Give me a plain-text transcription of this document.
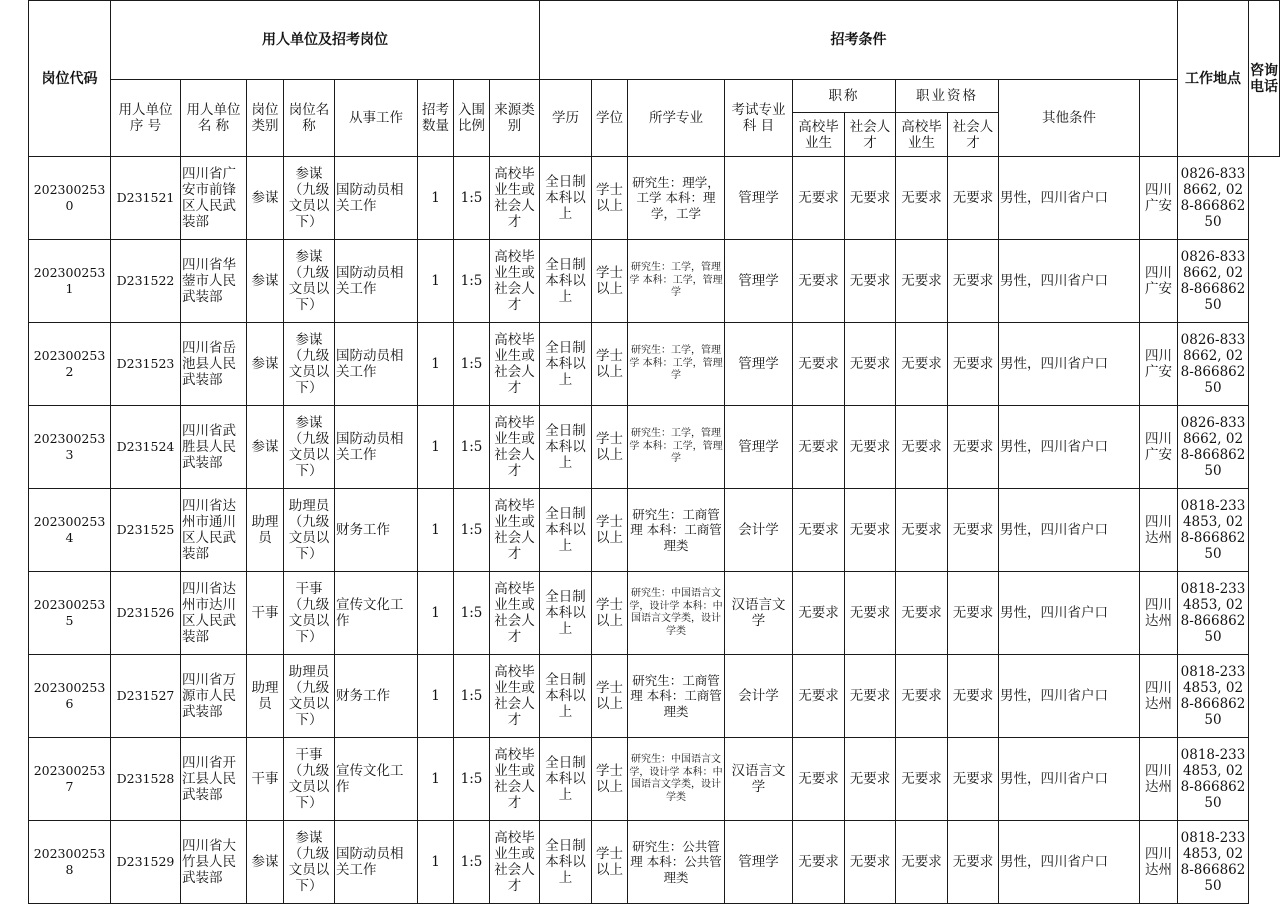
岗位代码	用人单位及招考岗位								招考条件										工作地点	咨询电话
	用人单位序 号	用人单位名 称	岗位类别	岗位名称	从事工作	招考数量	入围比例	来源类别	学历	学位	所学专业	考试专业科 目	职称		职业资格		其他条件			
													高校毕业生	社会人才	高校毕业生	社会人才				
2023002530	D231521	四川省广安市前锋区人民武装部	参谋	参谋（九级文员以下）	国防动员相关工作	1	1:5	高校毕业生或社会人才	全日制本科以上	学士以上	研究生：理学，工学 本科：理学，工学	管理学	无要求	无要求	无要求	无要求	男性，四川省户口	四川广安	0826-8338662, 028-86686250	
2023002531	D231522	四川省华蓥市人民武装部	参谋	参谋（九级文员以下）	国防动员相关工作	1	1:5	高校毕业生或社会人才	全日制本科以上	学士以上	研究生：工学，管理学 本科：工学，管理学	管理学	无要求	无要求	无要求	无要求	男性，四川省户口	四川广安	0826-8338662, 028-86686250	
2023002532	D231523	四川省岳池县人民武装部	参谋	参谋（九级文员以下）	国防动员相关工作	1	1:5	高校毕业生或社会人才	全日制本科以上	学士以上	研究生：工学，管理学 本科：工学，管理学	管理学	无要求	无要求	无要求	无要求	男性，四川省户口	四川广安	0826-8338662, 028-86686250	
2023002533	D231524	四川省武胜县人民武装部	参谋	参谋（九级文员以下）	国防动员相关工作	1	1:5	高校毕业生或社会人才	全日制本科以上	学士以上	研究生：工学，管理学 本科：工学，管理学	管理学	无要求	无要求	无要求	无要求	男性，四川省户口	四川广安	0826-8338662, 028-86686250	
2023002534	D231525	四川省达州市通川区人民武装部	助理员	助理员（九级文员以下）	财务工作	1	1:5	高校毕业生或社会人才	全日制本科以上	学士以上	研究生：工商管理 本科：工商管理类	会计学	无要求	无要求	无要求	无要求	男性，四川省户口	四川达州	0818-2334853, 028-86686250	
2023002535	D231526	四川省达州市达川区人民武装部	干事	干事（九级文员以下）	宣传文化工作	1	1:5	高校毕业生或社会人才	全日制本科以上	学士以上	研究生：中国语言文学，设计学 本科：中国语言文学类，设计学类	汉语言文学	无要求	无要求	无要求	无要求	男性，四川省户口	四川达州	0818-2334853, 028-86686250	
2023002536	D231527	四川省万源市人民武装部	助理员	助理员（九级文员以下）	财务工作	1	1:5	高校毕业生或社会人才	全日制本科以上	学士以上	研究生：工商管理 本科：工商管理类	会计学	无要求	无要求	无要求	无要求	男性，四川省户口	四川达州	0818-2334853, 028-86686250	
2023002537	D231528	四川省开江县人民武装部	干事	干事（九级文员以下）	宣传文化工作	1	1:5	高校毕业生或社会人才	全日制本科以上	学士以上	研究生：中国语言文学，设计学 本科：中国语言文学类，设计学类	汉语言文学	无要求	无要求	无要求	无要求	男性，四川省户口	四川达州	0818-2334853, 028-86686250	
2023002538	D231529	四川省大竹县人民武装部	参谋	参谋（九级文员以下）	国防动员相关工作	1	1:5	高校毕业生或社会人才	全日制本科以上	学士以上	研究生：公共管理 本科：公共管理类	管理学	无要求	无要求	无要求	无要求	男性，四川省户口	四川达州	0818-2334853, 028-86686250	
